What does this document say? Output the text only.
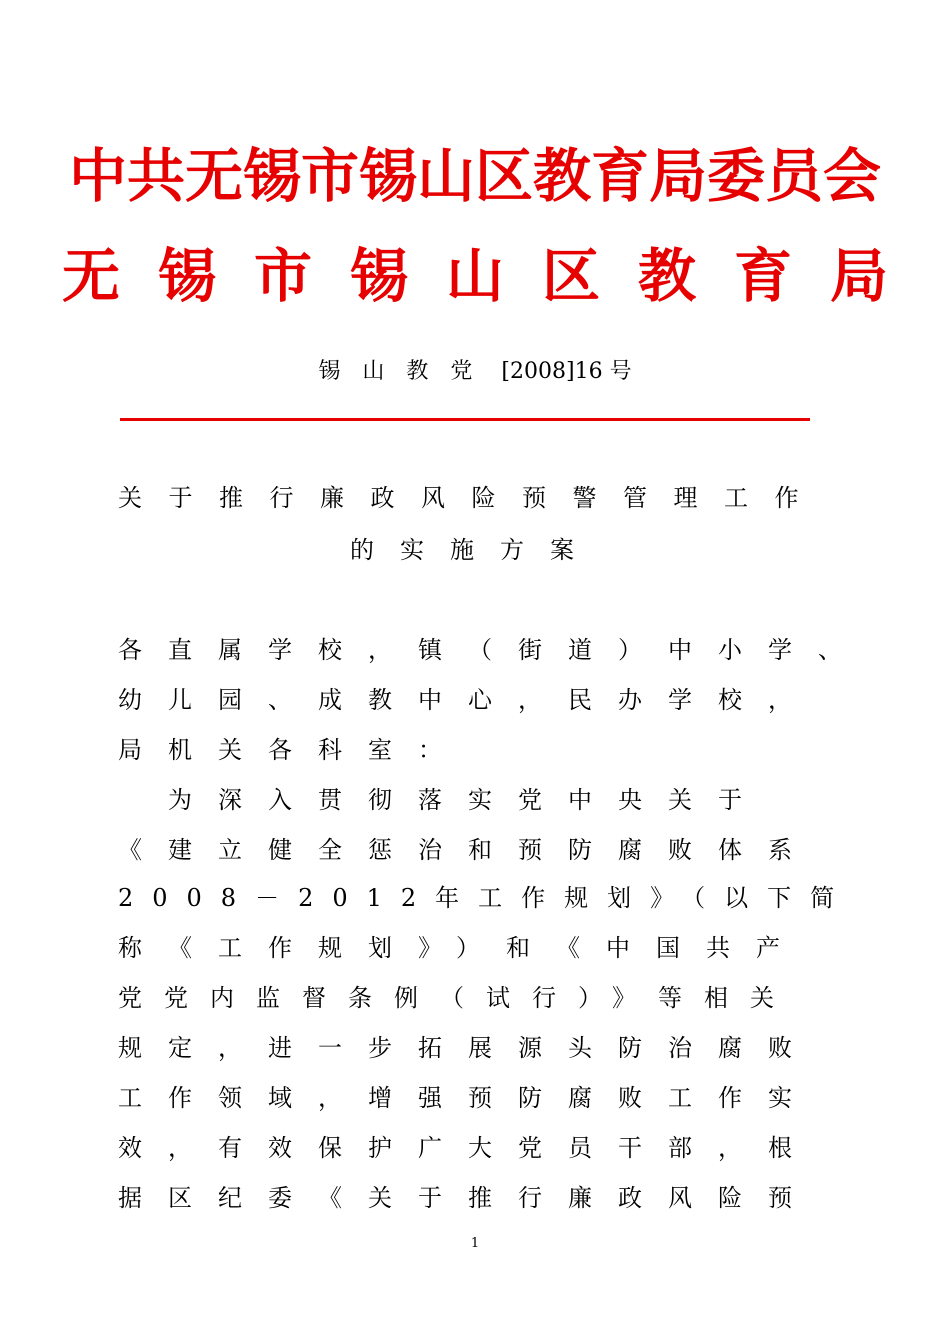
中共无锡市锡山区教育局委员会
无锡市锡山区教育局
锡山教党 [2008]16 号
关于推行廉政风险预警管理工作
的实施方案
各直属学校，镇（街道）中小学、
幼儿园、成教中心，民办学校，
局机关各科室：
　为深入贯彻落实党中央关于
《建立健全惩治和预防腐败体系
2008－2012年工作规划》（以下简
称《工作规划》）和《中国共产
党党内监督条例（试行）》等相关
规定，进一步拓展源头防治腐败
工作领域，增强预防腐败工作实
效，有效保护广大党员干部，根
据区纪委《关于推行廉政风险预
1
